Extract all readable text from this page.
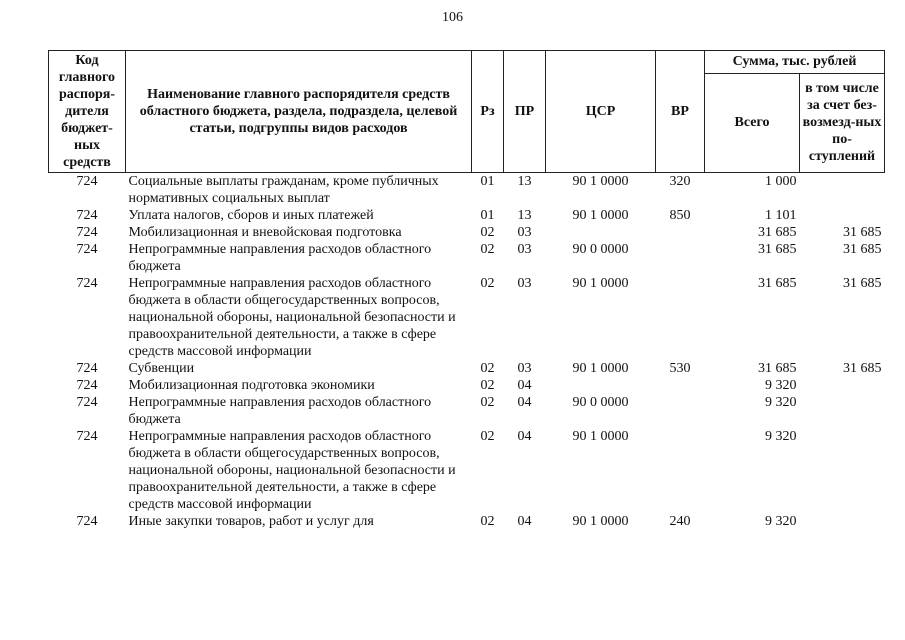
106
Код главного распоря-дителя бюджет-ных средств	Наименование главного распорядителя средств областного бюджета, раздела, подраздела, целевой статьи, подгруппы видов расходов	Рз	ПР	ЦСР	ВР	Сумма, тыс. рублей	
						Всего	в том числе за счет без-возмезд-ных по-ступлений
724	Социальные выплаты гражданам, кроме публичных нормативных социальных выплат	01	13	90 1 0000	320	1 000	
724	Уплата налогов, сборов и иных платежей	01	13	90 1 0000	850	1 101	
724	Мобилизационная и вневойсковая подготовка	02	03			31 685	31 685
724	Непрограммные направления расходов областного бюджета	02	03	90 0 0000		31 685	31 685
724	Непрограммные направления расходов областного бюджета в области общегосударственных вопросов, национальной обороны, национальной безопасности и правоохранительной деятельности, а также в сфере средств массовой информации	02	03	90 1 0000		31 685	31 685
724	Субвенции	02	03	90 1 0000	530	31 685	31 685
724	Мобилизационная подготовка экономики	02	04			9 320	
724	Непрограммные направления расходов областного бюджета	02	04	90 0 0000		9 320	
724	Непрограммные направления расходов областного бюджета в области общегосударственных вопросов, национальной обороны, национальной безопасности и правоохранительной деятельности, а также в сфере средств массовой информации	02	04	90 1 0000		9 320	
724	Иные закупки товаров, работ и услуг для	02	04	90 1 0000	240	9 320	
